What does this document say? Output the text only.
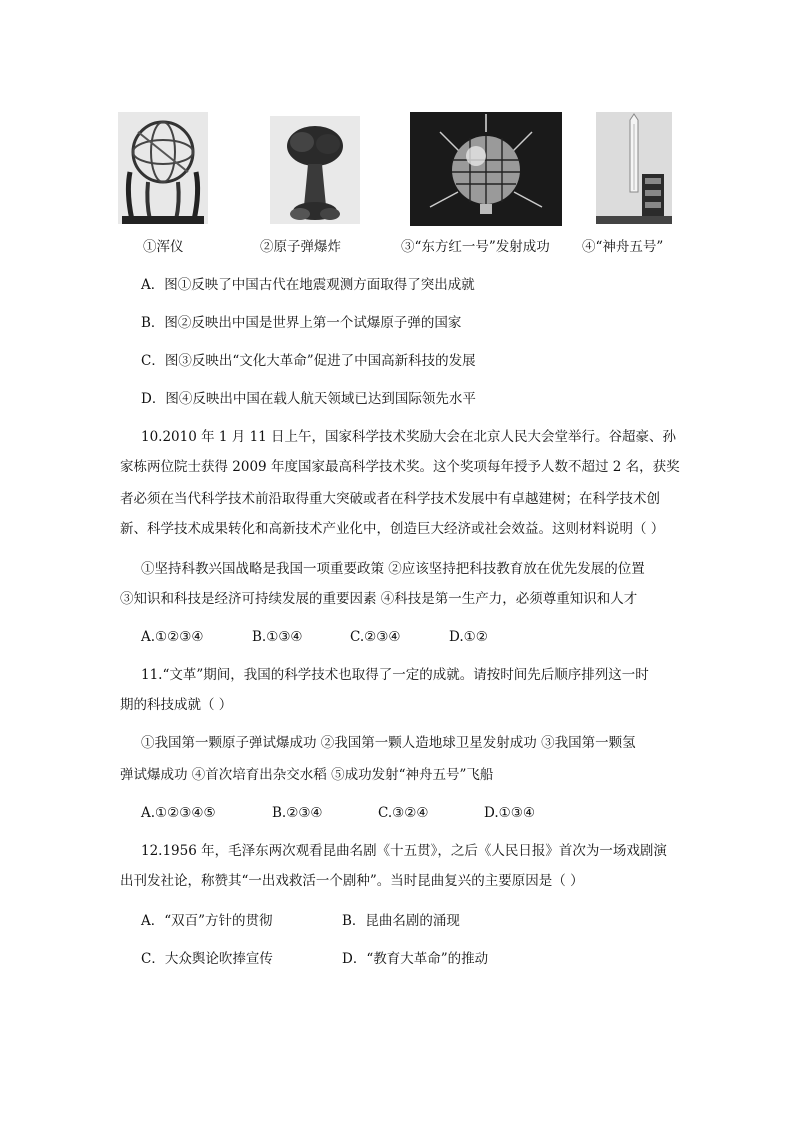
①浑仪	②原子弹爆炸	③“东方红一号”发射成功 ④“神舟五号”
A．图①反映了中国古代在地震观测方面取得了突出成就
B．图②反映出中国是世界上第一个试爆原子弹的国家
C．图③反映出“文化大革命”促进了中国高新科技的发展
D．图④反映出中国在载人航天领域已达到国际领先水平
10.2010 年 1 月 11 日上午，国家科学技术奖励大会在北京人民大会堂举行。谷超豪、孙
家栋两位院士获得 2009 年度国家最高科学技术奖。这个奖项每年授予人数不超过 2 名，获奖
者必须在当代科学技术前沿取得重大突破或者在科学技术发展中有卓越建树；在科学技术创
新、科学技术成果转化和高新技术产业化中，创造巨大经济或社会效益。这则材料说明（ ）
①坚持科教兴国战略是我国一项重要政策 ②应该坚持把科技教育放在优先发展的位置
③知识和科技是经济可持续发展的重要因素 ④科技是第一生产力，必须尊重知识和人才
A.①②③④	B.①③④	C.②③④	D.①②
11.“文革”期间，我国的科学技术也取得了一定的成就。请按时间先后顺序排列这一时
期的科技成就（ ）
①我国第一颗原子弹试爆成功 ②我国第一颗人造地球卫星发射成功 ③我国第一颗氢
弹试爆成功 ④首次培育出杂交水稻 ⑤成功发射“神舟五号”飞船
A.①②③④⑤	B.②③④	C.③②④	D.①③④
12.1956 年，毛泽东两次观看昆曲名剧《十五贯》，之后《人民日报》首次为一场戏剧演
出刊发社论，称赞其“一出戏救活一个剧种”。当时昆曲复兴的主要原因是（ ）
A．“双百”方针的贯彻	B．昆曲名剧的涌现
C．大众舆论吹捧宣传	D．“教育大革命”的推动
